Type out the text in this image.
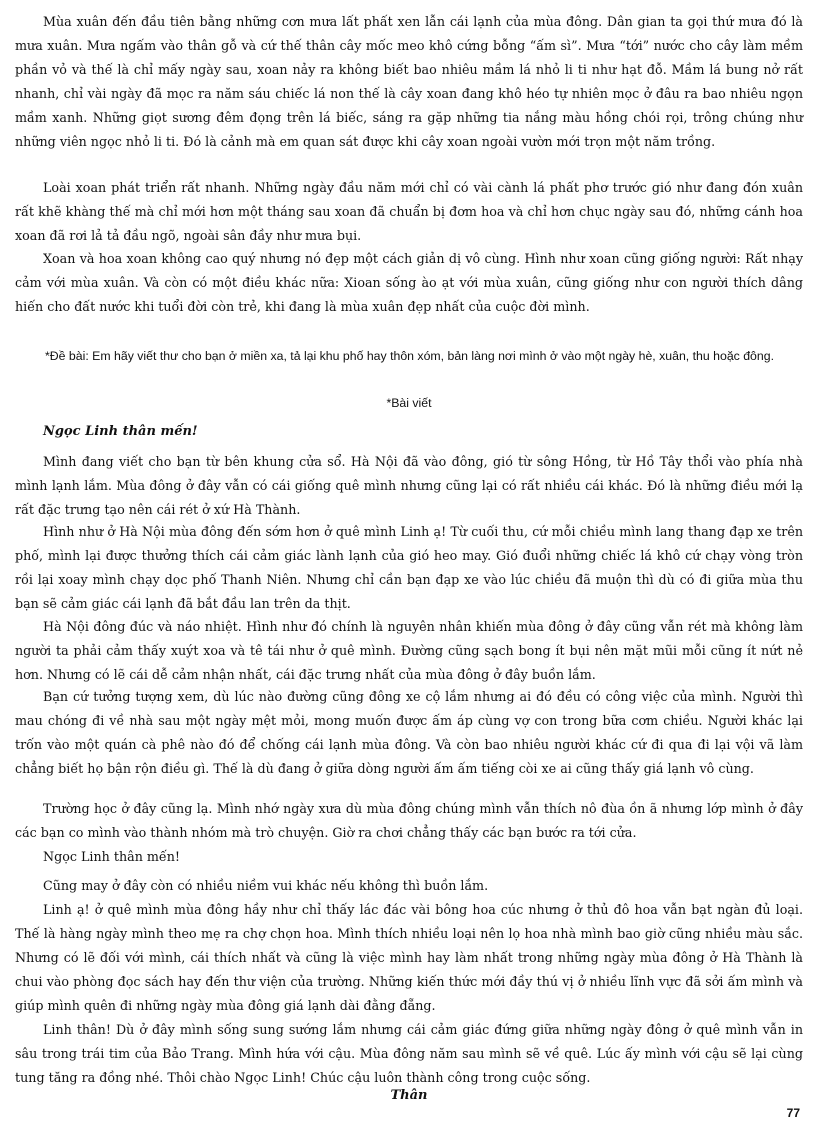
Mùa xuân đến đầu tiên bằng những cơn mưa lất phất xen lẫn cái lạnh của mùa đông. Dân gian ta gọi thứ mưa đó là mưa xuân. Mưa ngấm vào thân gỗ và cứ thế thân cây mốc meo khô cứng bỗng “ấm sì”. Mưa “tới” nước cho cây làm mềm phần vỏ và thế là chỉ mấy ngày sau, xoan nảy ra không biết bao nhiêu mầm lá nhỏ li ti như hạt đỗ. Mầm lá bung nở rất nhanh, chỉ vài ngày đã mọc ra năm sáu chiếc lá non thế là cây xoan đang khô héo tự nhiên mọc ở đâu ra bao nhiêu ngọn mầm xanh. Những giọt sương đêm đọng trên lá biếc, sáng ra gặp những tia nắng màu hồng chói rọi, trông chúng như những viên ngọc nhỏ li ti. Đó là cảnh mà em quan sát được khi cây xoan ngoài vườn mới trọn một năm trồng.

Loài xoan phát triển rất nhanh. Những ngày đầu năm mới chỉ có vài cành lá phất phơ trước gió như đang đón xuân rất khẽ khàng thế mà chỉ mới hơn một tháng sau xoan đã chuẩn bị đơm hoa và chỉ hơn chục ngày sau đó, những cánh hoa xoan đã rơi lả tả đầu ngõ, ngoài sân đầy như mưa bụi.

Xoan và hoa xoan không cao quý nhưng nó đẹp một cách giản dị vô cùng. Hình như xoan cũng giống người: Rất nhạy cảm với mùa xuân. Và còn có một điều khác nữa: Xioan sống ào ạt với mùa xuân, cũng giống như con người thích dâng hiến cho đất nước khi tuổi đời còn trẻ, khi đang là mùa xuân đẹp nhất của cuộc đời mình.

*Đề bài: Em hãy viết thư cho bạn ở miền xa, tả lại khu phố hay thôn xóm, bản làng nơi mình ở vào một ngày hè, xuân, thu hoặc đông.

*Bài viết

Ngọc Linh thân mến!

Mình đang viết cho bạn từ bên khung cửa sổ. Hà Nội đã vào đông, gió từ sông Hồng, từ Hồ Tây thổi vào phía nhà mình lạnh lắm. Mùa đông ở đây vẫn có cái giống quê mình nhưng cũng lại có rất nhiều cái khác. Đó là những điều mới lạ rất đặc trưng tạo nên cái rét ở xứ Hà Thành.

Hình như ở Hà Nội mùa đông đến sớm hơn ở quê mình Linh ạ! Từ cuối thu, cứ mỗi chiều mình lang thang đạp xe trên phố, mình lại được thưởng thích cái cảm giác lành lạnh của gió heo may. Gió đuổi những chiếc lá khô cứ chạy vòng tròn rồi lại xoay mình chạy dọc phố Thanh Niên. Nhưng chỉ cần bạn đạp xe vào lúc chiều đã muộn thì dù có đi giữa mùa thu bạn sẽ cảm giác cái lạnh đã bắt đầu lan trên da thịt.

Hà Nội đông đúc và náo nhiệt. Hình như đó chính là nguyên nhân khiến mùa đông ở đây cũng vẫn rét mà không làm người ta phải cảm thấy xuýt xoa và tê tái như ở quê mình. Đường cũng sạch bong ít bụi nên mặt mũi mỗi cũng ít nứt nẻ hơn. Nhưng có lẽ cái dễ cảm nhận nhất, cái đặc trưng nhất của mùa đông ở đây buồn lắm.

Bạn cứ tưởng tượng xem, dù lúc nào đường cũng đông xe cộ lắm nhưng ai đó đều có công việc của mình. Người thì mau chóng đi về nhà sau một ngày mệt mỏi, mong muốn được ấm áp cùng vợ con trong bữa cơm chiều. Người khác lại trốn vào một quán cà phê nào đó để chống cái lạnh mùa đông. Và còn bao nhiêu người khác cứ đi qua đi lại vội vã làm chẳng biết họ bận rộn điều gì. Thế là dù đang ở giữa dòng người ấm ấm tiếng còi xe ai cũng thấy giá lạnh vô cùng.

Trường học ở đây cũng lạ. Mình nhớ ngày xưa dù mùa đông chúng mình vẫn thích nô đùa ồn ã nhưng lớp mình ở đây các bạn co mình vào thành nhóm mà trò chuyện. Giờ ra chơi chẳng thấy các bạn bước ra tới cửa.

Ngọc Linh thân mến!

Cũng may ở đây còn có nhiều niềm vui khác nếu không thì buồn lắm.

Linh ạ! ở quê mình mùa đông hầy như chỉ thấy lác đác vài bông hoa cúc nhưng ở thủ đô hoa vẫn bạt ngàn đủ loại. Thế là hàng ngày mình theo mẹ ra chợ chọn hoa. Mình thích nhiều loại nên lọ hoa nhà mình bao giờ cũng nhiều màu sắc. Nhưng có lẽ đối với mình, cái thích nhất và cũng là việc mình hay làm nhất trong những ngày mùa đông ở Hà Thành là chui vào phòng đọc sách hay đến thư viện của trường. Những kiến thức mới đầy thú vị ở nhiều lĩnh vực đã sởi ấm mình và giúp mình quên đi những ngày mùa đông giá lạnh dài đằng đẵng.

Linh thân! Dù ở đây mình sống sung sướng lắm nhưng cái cảm giác đứng giữa những ngày đông ở quê mình vẫn in sâu trong trái tim của Bảo Trang. Mình hứa với cậu. Mùa đông năm sau mình sẽ về quê. Lúc ấy mình với cậu sẽ lại cùng tung tăng ra đồng nhé. Thôi chào Ngọc Linh! Chúc cậu luôn thành công trong cuộc sống.

Thân

77
